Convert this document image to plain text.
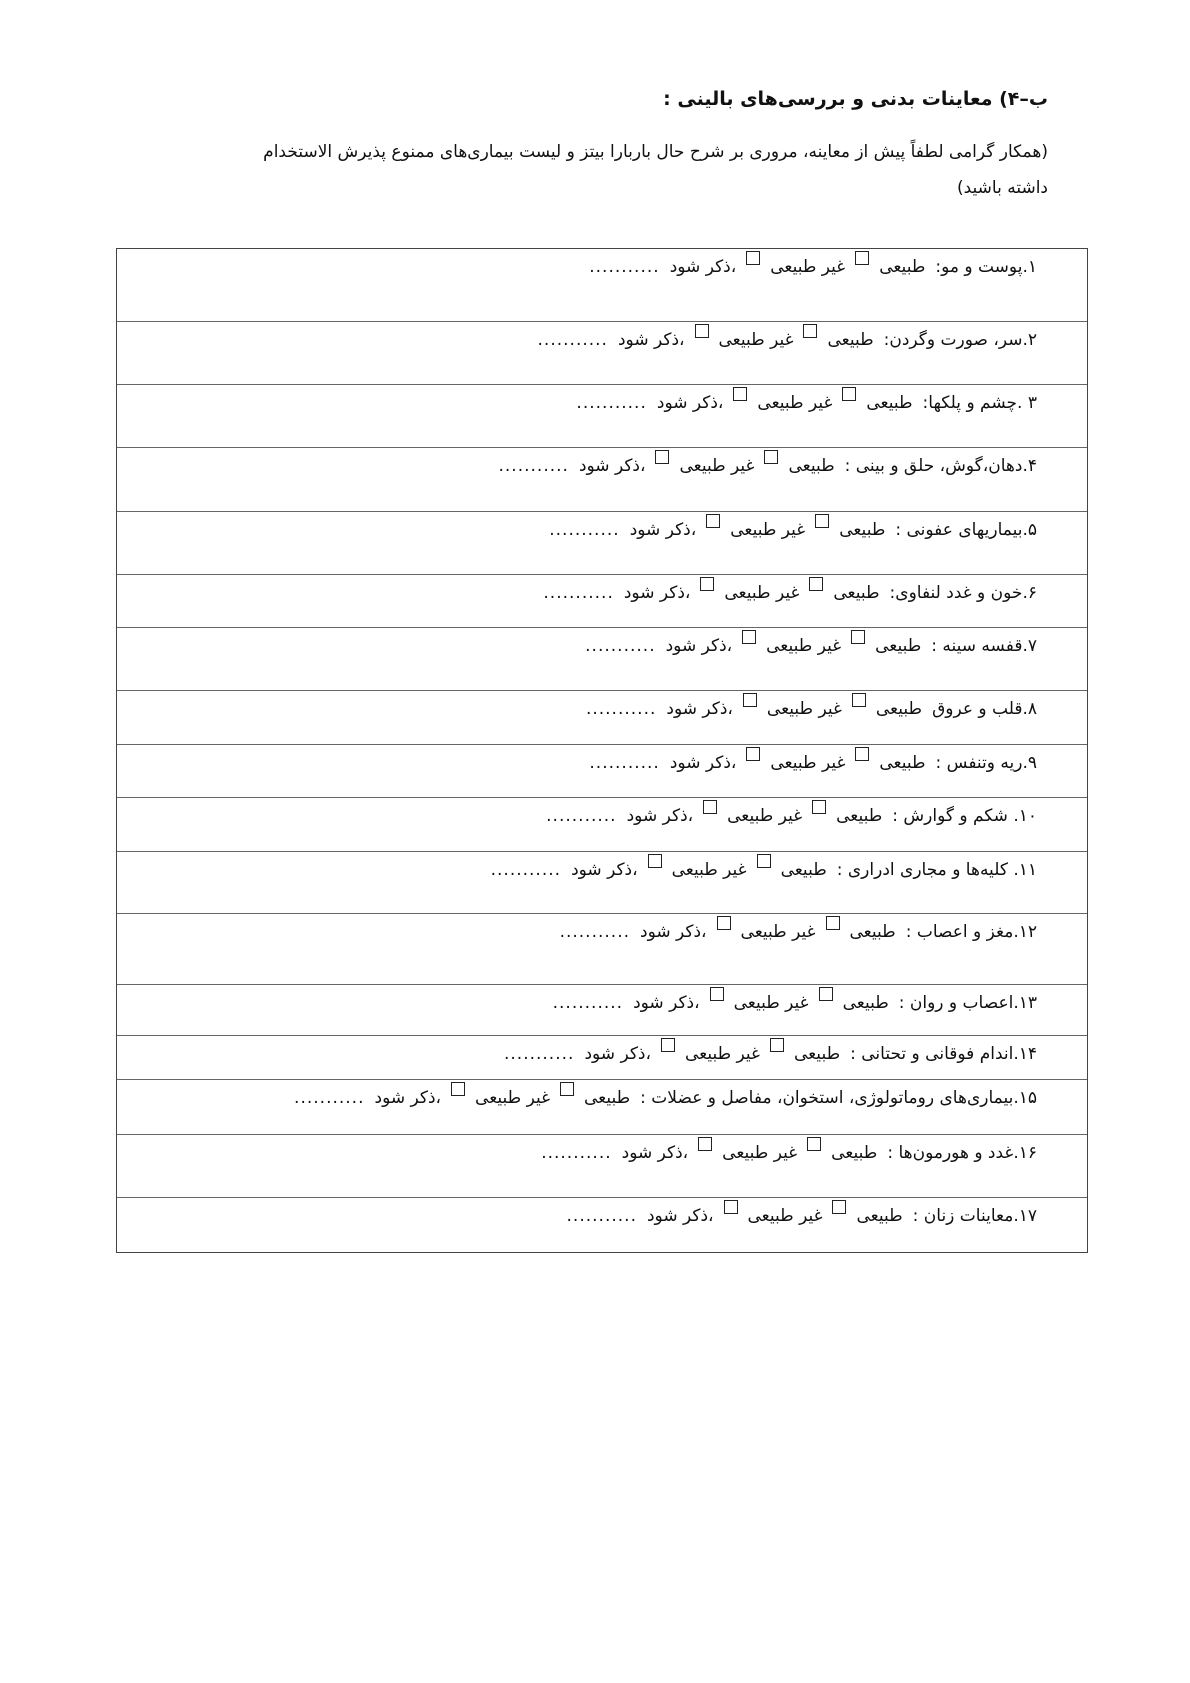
ب–۴) معاینات بدنی و بررسی‌های بالینی :
(همکار گرامی لطفاً پیش از معاینه، مروری بر شرح حال باربارا بیتز و لیست بیماری‌های ممنوع پذیرش الاستخدام
داشته باشید)
۱.پوست و مو:
طبیعی
غیر طبیعی
،ذکر شود
...........
۲.سر، صورت وگردن:
طبیعی
غیر طبیعی
،ذکر شود
...........
۳ .چشم و پلکها:
طبیعی
غیر طبیعی
،ذکر شود
...........
۴.دهان،گوش، حلق و بینی :
طبیعی
غیر طبیعی
،ذکر شود
...........
۵.بیماریهای عفونی :
طبیعی
غیر طبیعی
،ذکر شود
...........
۶.خون و غدد لنفاوی:
طبیعی
غیر طبیعی
،ذکر شود
...........
۷.قفسه سینه :
طبیعی
غیر طبیعی
،ذکر شود
...........
۸.قلب و عروق
طبیعی
غیر طبیعی
،ذکر شود
...........
۹.ریه وتنفس :
طبیعی
غیر طبیعی
،ذکر شود
...........
۱۰. شکم و گوارش :
طبیعی
غیر طبیعی
،ذکر شود
...........
۱۱. کلیه‌ها و مجاری ادراری :
طبیعی
غیر طبیعی
،ذکر شود
...........
۱۲.مغز و اعصاب :
طبیعی
غیر طبیعی
،ذکر شود
...........
۱۳.اعصاب و روان :
طبیعی
غیر طبیعی
،ذکر شود
...........
۱۴.اندام فوقانی و تحتانی :
طبیعی
غیر طبیعی
،ذکر شود
...........
۱۵.بیماری‌های روماتولوژی، استخوان، مفاصل و عضلات :
طبیعی
غیر طبیعی
،ذکر شود
...........
۱۶.غدد و هورمون‌ها :
طبیعی
غیر طبیعی
،ذکر شود
...........
۱۷.معاینات زنان :
طبیعی
غیر طبیعی
،ذکر شود
...........
